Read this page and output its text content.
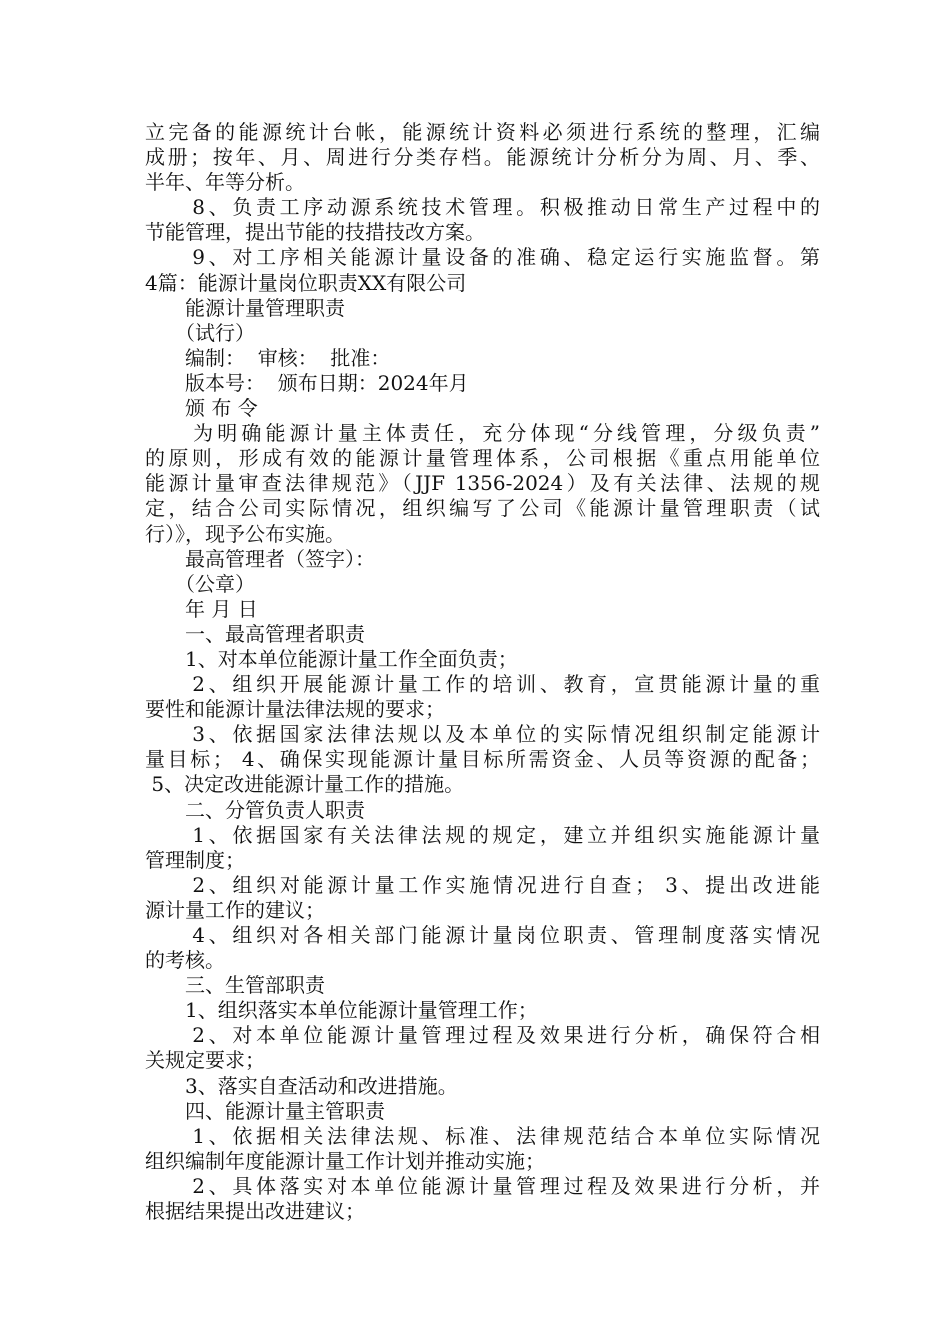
立完备的能源统计台帐，能源统计资料必须进行系统的整理，汇编
成册；按年、月、周进行分类存档。能源统计分析分为周、月、季、
半年、年等分析。
　　8、负责工序动源系统技术管理。积极推动日常生产过程中的
节能管理，提出节能的技措技改方案。
　　9、对工序相关能源计量设备的准确、稳定运行实施监督。第
4篇：能源计量岗位职责XX有限公司
　　能源计量管理职责
　　（试行）
　　编制：  审核：  批准：
　　版本号：  颁布日期：2024年月
　　颁 布 令
　　为明确能源计量主体责任，充分体现“分线管理，分级负责”
的原则，形成有效的能源计量管理体系，公司根据《重点用能单位
能源计量审查法律规范》（JJF 1356-2024）及有关法律、法规的规
定，结合公司实际情况，组织编写了公司《能源计量管理职责（试
行）》，现予公布实施。
　　最高管理者（签字）：
　　（公章）
　　年 月 日
　　一、最高管理者职责
　　1、对本单位能源计量工作全面负责；
　　2、组织开展能源计量工作的培训、教育，宣贯能源计量的重
要性和能源计量法律法规的要求；
　　3、依据国家法律法规以及本单位的实际情况组织制定能源计
量目标； 4、确保实现能源计量目标所需资金、人员等资源的配备；
5、决定改进能源计量工作的措施。
　　二、分管负责人职责
　　1、依据国家有关法律法规的规定，建立并组织实施能源计量
管理制度；
　　2、组织对能源计量工作实施情况进行自查； 3、提出改进能
源计量工作的建议；
　　4、组织对各相关部门能源计量岗位职责、管理制度落实情况
的考核。
　　三、生管部职责
　　1、组织落实本单位能源计量管理工作；
　　2、对本单位能源计量管理过程及效果进行分析，确保符合相
关规定要求；
　　3、落实自查活动和改进措施。
　　四、能源计量主管职责
　　1、依据相关法律法规、标准、法律规范结合本单位实际情况
组织编制年度能源计量工作计划并推动实施；
　　2、具体落实对本单位能源计量管理过程及效果进行分析，并
根据结果提出改进建议；
